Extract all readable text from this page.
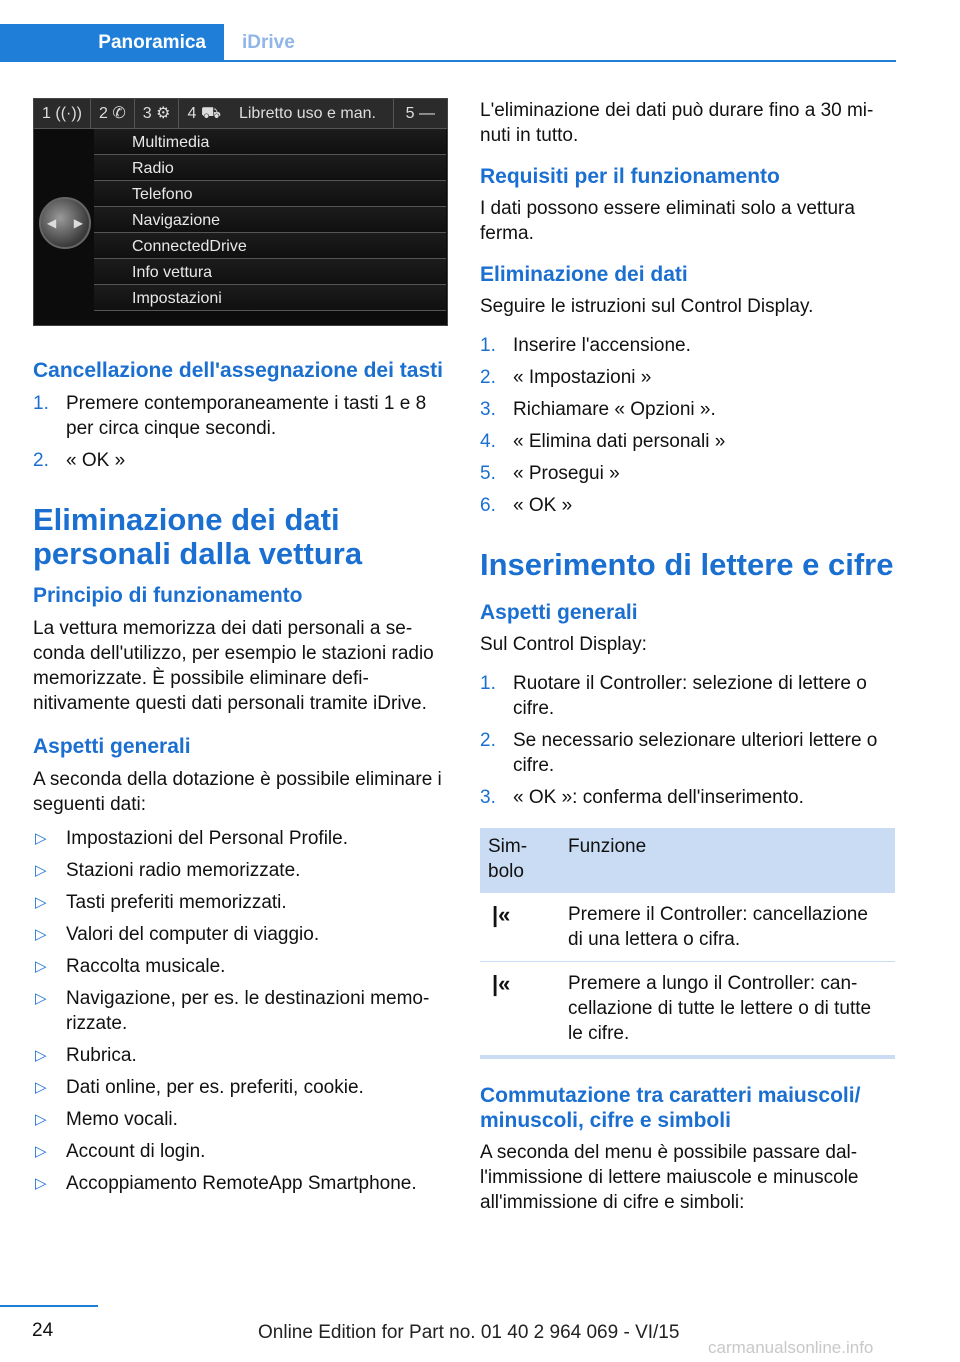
Panoramica	iDrive
1 ((·))	2 ✆	3 ⚙	4 ⛟	Libretto uso e man.	5 —
◀ ▶
Multimedia
Radio
Telefono
Navigazione
ConnectedDrive
Info vettura
Impostazioni
Cancellazione dell'assegnazione dei tasti
1. Premere contemporaneamente i tasti 1 e 8 per circa cinque secondi.
2. « OK »
Eliminazione dei dati personali dalla vettura
Principio di funzionamento

La vettura memorizza dei dati personali a seconda dell'utilizzo, per esempio le stazioni radio memorizzate. È possibile eliminare definitivamente questi dati personali tramite iDrive.

Aspetti generali

A seconda della dotazione è possibile eliminare i seguenti dati:

▷ Impostazioni del Personal Profile.
▷ Stazioni radio memorizzate.
▷ Tasti preferiti memorizzati.
▷ Valori del computer di viaggio.
▷ Raccolta musicale.
▷ Navigazione, per es. le destinazioni memorizzate.
▷ Rubrica.
▷ Dati online, per es. preferiti, cookie.
▷ Memo vocali.
▷ Account di login.
▷ Accoppiamento RemoteApp Smartphone.

L'eliminazione dei dati può durare fino a 30 minuti in tutto.

Requisiti per il funzionamento

I dati possono essere eliminati solo a vettura ferma.

Eliminazione dei dati

Seguire le istruzioni sul Control Display.

1. Inserire l'accensione.
2. « Impostazioni »
3. Richiamare « Opzioni ».
4. « Elimina dati personali »
5. « Prosegui »
6. « OK »
Inserimento di lettere e cifre
Aspetti generali

Sul Control Display:

1. Ruotare il Controller: selezione di lettere o cifre.
2. Se necessario selezionare ulteriori lettere o cifre.
3. « OK »: conferma dell'inserimento.
Simbolo	Funzione
|«	Premere il Controller: cancellazione di una lettera o cifra.
|«	Premere a lungo il Controller: cancellazione di tutte le lettere o di tutte le cifre.
Commutazione tra caratteri maiuscoli/ minuscoli, cifre e simboli

A seconda del menu è possibile passare dall'immissione di lettere maiuscole e minuscole all'immissione di cifre e simboli:

24	Online Edition for Part no. 01 40 2 964 069 - VI/15
carmanualsonline.info
